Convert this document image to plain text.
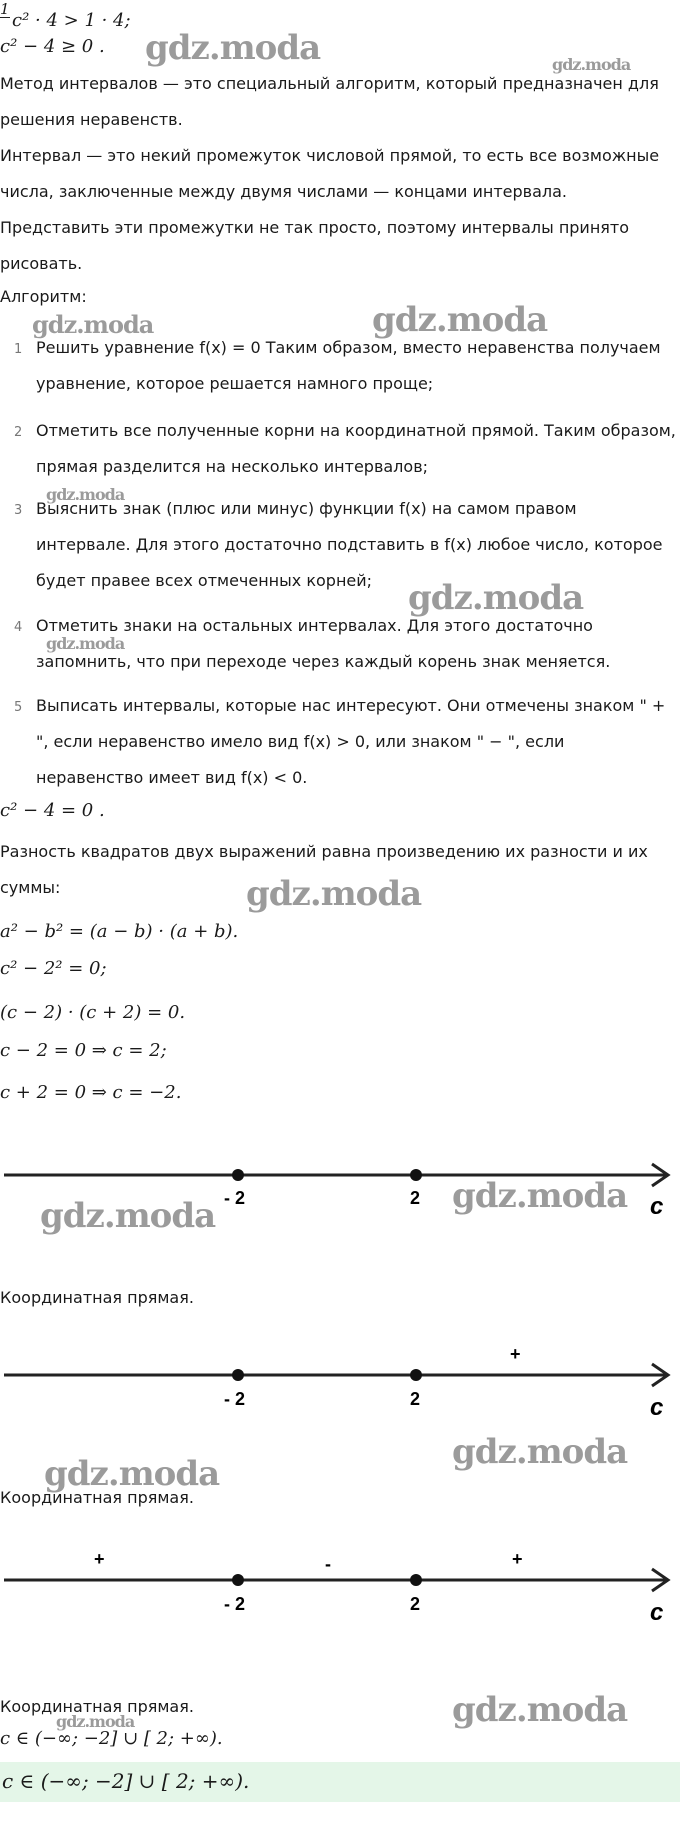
1
c² · 4 > 1 · 4;
c² − 4 ≥ 0 .
Метод интервалов — это специальный алгоритм, который предназначен для решения неравенств.
Интервал — это некий промежуток числовой прямой, то есть все возможные числа, заключенные между двумя числами — концами интервала.
Представить эти промежутки не так просто, поэтому интервалы принято рисовать.
Алгоритм:
1 Решить уравнение f(x) = 0 Таким образом, вместо неравенства получаем уравнение, которое решается намного проще;
2 Отметить все полученные корни на координатной прямой. Таким образом, прямая разделится на несколько интервалов;
3 Выяснить знак (плюс или минус) функции f(x) на самом правом интервале. Для этого достаточно подставить в f(x) любое число, которое будет правее всех отмеченных корней;
4 Отметить знаки на остальных интервалах. Для этого достаточно запомнить, что при переходе через каждый корень знак меняется.
5 Выписать интервалы, которые нас интересуют. Они отмечены знаком " + ", если неравенство имело вид f(x) > 0, или знаком " − ", если неравенство имеет вид f(x) < 0.
c² − 4 = 0 .
Разность квадратов двух выражений равна произведению их разности и их суммы:
a² − b² = (a − b) · (a + b).
c² − 2² = 0;
(c − 2) · (c + 2) = 0.
c − 2 = 0 ⇒ c = 2;
c + 2 = 0 ⇒ c = −2.
- 2	2	c
Координатная прямая.
- 2	2
+
c
Координатная прямая.
- 2	2
+	-	+
c
Координатная прямая.
c ∈ (−∞; −2] ∪ [ 2; +∞).
c ∈ (−∞; −2] ∪ [ 2; +∞).
gdz.moda	gdz.moda
gdz.moda	gdz.moda
gdz.moda
gdz.moda
gdz.moda
gdz.moda
gdz.moda	gdz.moda
gdz.moda
gdz.moda
gdz.moda
gdz.moda
